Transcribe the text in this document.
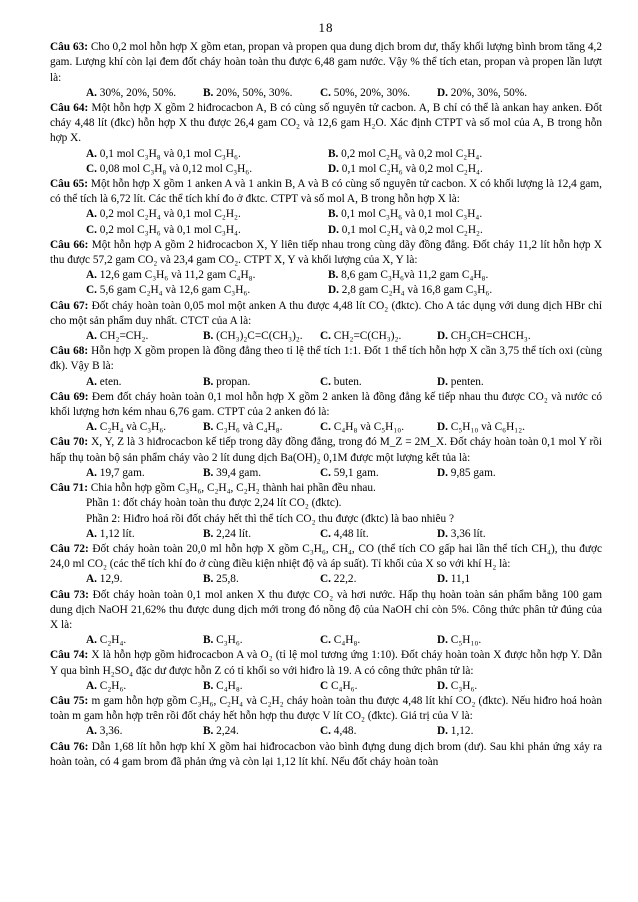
18
Câu 63: Cho 0,2 mol hỗn hợp X gồm etan, propan và propen qua dung dịch brom dư, thấy khối lượng bình brom tăng 4,2 gam. Lượng khí còn lại đem đốt cháy hoàn toàn thu được 6,48 gam nước. Vậy % thể tích etan, propan và propen lần lượt là:
A. 30%, 20%, 50%.	B. 20%, 50%, 30%.	C. 50%, 20%, 30%.	D. 20%, 30%, 50%.
Câu 64: Một hỗn hợp X gồm 2 hiđrocacbon A, B có cùng số nguyên tử cacbon. A, B chỉ có thể là ankan hay anken. Đốt cháy 4,48 lít (đkc) hỗn hợp X thu được 26,4 gam CO₂ và 12,6 gam H₂O. Xác định CTPT và số mol của A, B trong hỗn hợp X.
A. 0,1 mol C₃H₈ và 0,1 mol C₃H₆.	B. 0,2 mol C₂H₆ và 0,2 mol C₂H₄.
C. 0,08 mol C₃H₈ và 0,12 mol C₃H₆.	D. 0,1 mol C₂H₆ và 0,2 mol C₂H₄.
Câu 65: Một hỗn hợp X gồm 1 anken A và 1 ankin B, A và B có cùng số nguyên tử cacbon. X có khối lượng là 12,4 gam, có thể tích là 6,72 lít. Các thể tích khí đo ở đktc. CTPT và số mol A, B trong hỗn hợp X là:
A. 0,2 mol C₂H₄ và 0,1 mol C₂H₂.	B. 0,1 mol C₃H₆ và 0,1 mol C₃H₄.
C. 0,2 mol C₃H₆ và 0,1 mol C₃H₄.	D. 0,1 mol C₂H₄ và 0,2 mol C₂H₂.
Câu 66: Một hỗn hợp A gồm 2 hiđrocacbon X, Y liên tiếp nhau trong cùng dãy đồng đẳng. Đốt cháy 11,2 lít hỗn hợp X thu được 57,2 gam CO₂ và 23,4 gam CO₂. CTPT X, Y và khối lượng của X, Y là:
A. 12,6 gam C₃H₆ và 11,2 gam C₄H₈.	B. 8,6 gam C₃H₆và 11,2 gam C₄H₈.
C. 5,6 gam C₂H₄ và 12,6 gam C₃H₆.	D. 2,8 gam C₂H₄ và 16,8 gam C₃H₆.
Câu 67: Đốt cháy hoàn toàn 0,05 mol một anken A thu được 4,48 lít CO₂ (đktc). Cho A tác dụng với dung dịch HBr chỉ cho một sản phẩm duy nhất. CTCT của A là:
A. CH₂=CH₂.	B. (CH₃)₂C=C(CH₃)₂.	C. CH₂=C(CH₃)₂.	D. CH₃CH=CHCH₃.
Câu 68: Hỗn hợp X gồm propen là đồng đẳng theo tỉ lệ thể tích 1:1. Đốt 1 thể tích hỗn hợp X cần 3,75 thể tích oxi (cùng đk). Vậy B là:
A. eten.	B. propan.	C. buten.	D. penten.
Câu 69: Đem đốt cháy hoàn toàn 0,1 mol hỗn hợp X gồm 2 anken là đồng đẳng kế tiếp nhau thu được CO₂ và nước có khối lượng hơn kém nhau 6,76 gam. CTPT của 2 anken đó là:
A. C₂H₄ và C₃H₆.	B. C₃H₆ và C₄H₈.	C. C₄H₈ và C₅H₁₀.	D. C₅H₁₀ và C₆H₁₂.
Câu 70: X, Y, Z là 3 hiđrocacbon kế tiếp trong dãy đồng đẳng, trong đó M_Z = 2M_X. Đốt cháy hoàn toàn 0,1 mol Y rồi hấp thụ toàn bộ sản phẩm cháy vào 2 lít dung dịch Ba(OH)₂ 0,1M được một lượng kết tủa là:
A. 19,7 gam.	B. 39,4 gam.	C. 59,1 gam.	D. 9,85 gam.
Câu 71: Chia hỗn hợp gồm C₃H₆, C₂H₄, C₂H₂ thành hai phần đều nhau.
Phần 1: đốt cháy hoàn toàn thu được 2,24 lít CO₂ (đktc).
Phần 2: Hiđro hoá rồi đốt cháy hết thì thể tích CO₂ thu được (đktc) là bao nhiêu ?
A. 1,12 lít.	B. 2,24 lít.	C. 4,48 lít.	D. 3,36 lít.
Câu 72: Đốt cháy hoàn toàn 20,0 ml hỗn hợp X gồm C₃H₆, CH₄, CO (thể tích CO gấp hai lần thể tích CH₄), thu được 24,0 ml CO₂ (các thể tích khí đo ở cùng điều kiện nhiệt độ và áp suất). Tỉ khối của X so với khí H₂ là:
A. 12,9.	B. 25,8.	C. 22,2.	D. 11,1
Câu 73: Đốt cháy hoàn toàn 0,1 mol anken X thu được CO₂ và hơi nước. Hấp thụ hoàn toàn sản phẩm bằng 100 gam dung dịch NaOH 21,62% thu được dung dịch mới trong đó nồng độ của NaOH chỉ còn 5%. Công thức phân tử đúng của X là:
A. C₂H₄.	B. C₃H₆.	C. C₄H₈.	D. C₅H₁₀.
Câu 74: X là hỗn hợp gồm hiđrocacbon A và O₂ (tỉ lệ mol tương ứng 1:10). Đốt cháy hoàn toàn X được hỗn hợp Y. Dẫn Y qua bình H₂SO₄ đặc dư được hỗn Z có tỉ khối so với hiđro là 19. A có công thức phân tử là:
A. C₂H₆.	B. C₄H₈.	C C₄H₆.	D. C₃H₆.
Câu 75: m gam hỗn hợp gồm C₃H₆, C₂H₄ và C₂H₂ cháy hoàn toàn thu được 4,48 lít khí CO₂ (đktc). Nếu hiđro hoá hoàn toàn m gam hỗn hợp trên rồi đốt cháy hết hỗn hợp thu được V lít CO₂ (đktc). Giá trị của V là:
A. 3,36.	B. 2,24.	C. 4,48.	D. 1,12.
Câu 76: Dẫn 1,68 lít hỗn hợp khí X gồm hai hiđrocacbon vào bình đựng dung dịch brom (dư). Sau khi phản ứng xảy ra hoàn toàn, có 4 gam brom đã phản ứng và còn lại 1,12 lít khí. Nếu đốt cháy hoàn toàn
